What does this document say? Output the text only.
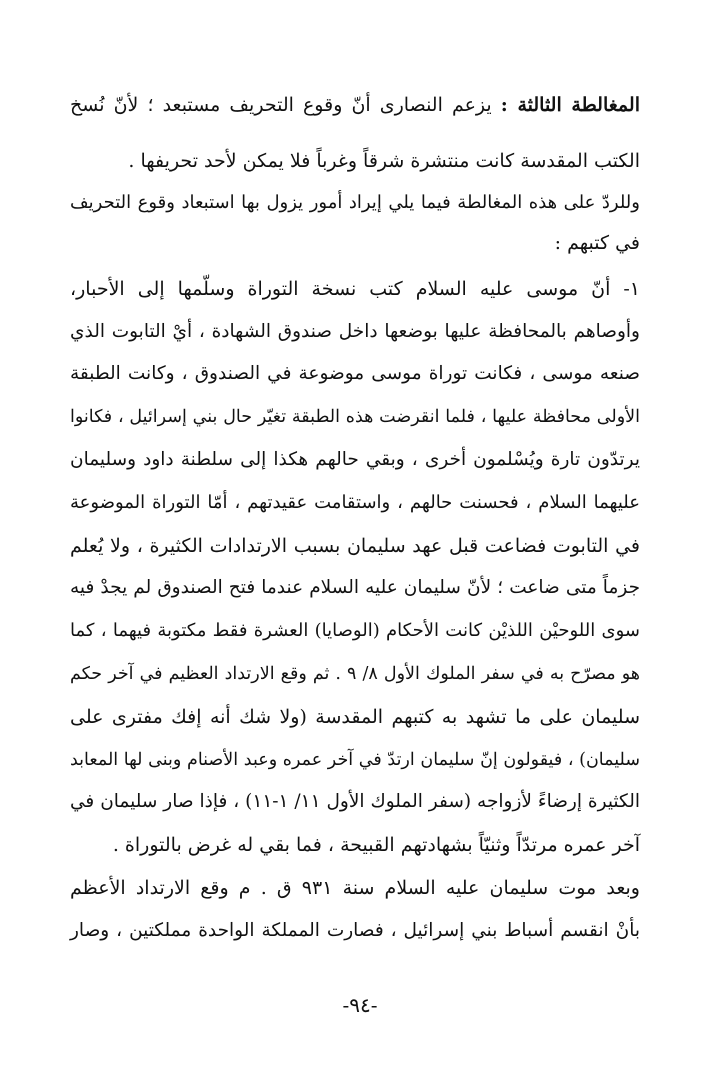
المغالطة الثالثة : يزعم النصارى أنّ وقوع التحريف مستبعد ؛ لأنّ نُسخ
الكتب المقدسة كانت منتشرة شرقاً وغرباً فلا يمكن لأحد تحريفها .
وللردّ على هذه المغالطة فيما يلي إيراد أمور يزول بها استبعاد وقوع التحريف
في كتبهم :
١- أنّ موسى عليه السلام كتب نسخة التوراة وسلّمها إلى الأحبار،
وأوصاهم بالمحافظة عليها بوضعها داخل صندوق الشهادة ، أيْ التابوت الذي
صنعه موسى ، فكانت توراة موسى موضوعة في الصندوق ، وكانت الطبقة
الأولى محافظة عليها ، فلما انقرضت هذه الطبقة تغيّر حال بني إسرائيل ، فكانوا
يرتدّون تارة ويُسْلمون أخرى ، وبقي حالهم هكذا إلى سلطنة داود وسليمان
عليهما السلام ، فحسنت حالهم ، واستقامت عقيدتهم ، أمّا التوراة الموضوعة
في التابوت فضاعت قبل عهد سليمان بسبب الارتدادات الكثيرة ، ولا يُعلم
جزماً متى ضاعت ؛ لأنّ سليمان عليه السلام عندما فتح الصندوق لم يجدْ فيه
سوى اللوحيْن اللذيْن كانت الأحكام (الوصايا) العشرة فقط مكتوبة فيهما ، كما
هو مصرّح به في سفر الملوك الأول ٨/ ٩ . ثم وقع الارتداد العظيم في آخر حكم
سليمان على ما تشهد به كتبهم المقدسة (ولا شك أنه إفك مفترى على
سليمان) ، فيقولون إنّ سليمان ارتدّ في آخر عمره وعبد الأصنام وبنى لها المعابد
الكثيرة إرضاءً لأزواجه (سفر الملوك الأول ١١/ ١-١١) ، فإذا صار سليمان في
آخر عمره مرتدّاً وثنيّاً بشهادتهم القبيحة ، فما بقي له غرض بالتوراة .
وبعد موت سليمان عليه السلام سنة ٩٣١ ق . م وقع الارتداد الأعظم
بأنْ انقسم أسباط بني إسرائيل ، فصارت المملكة الواحدة مملكتين ، وصار
-٩٤-
